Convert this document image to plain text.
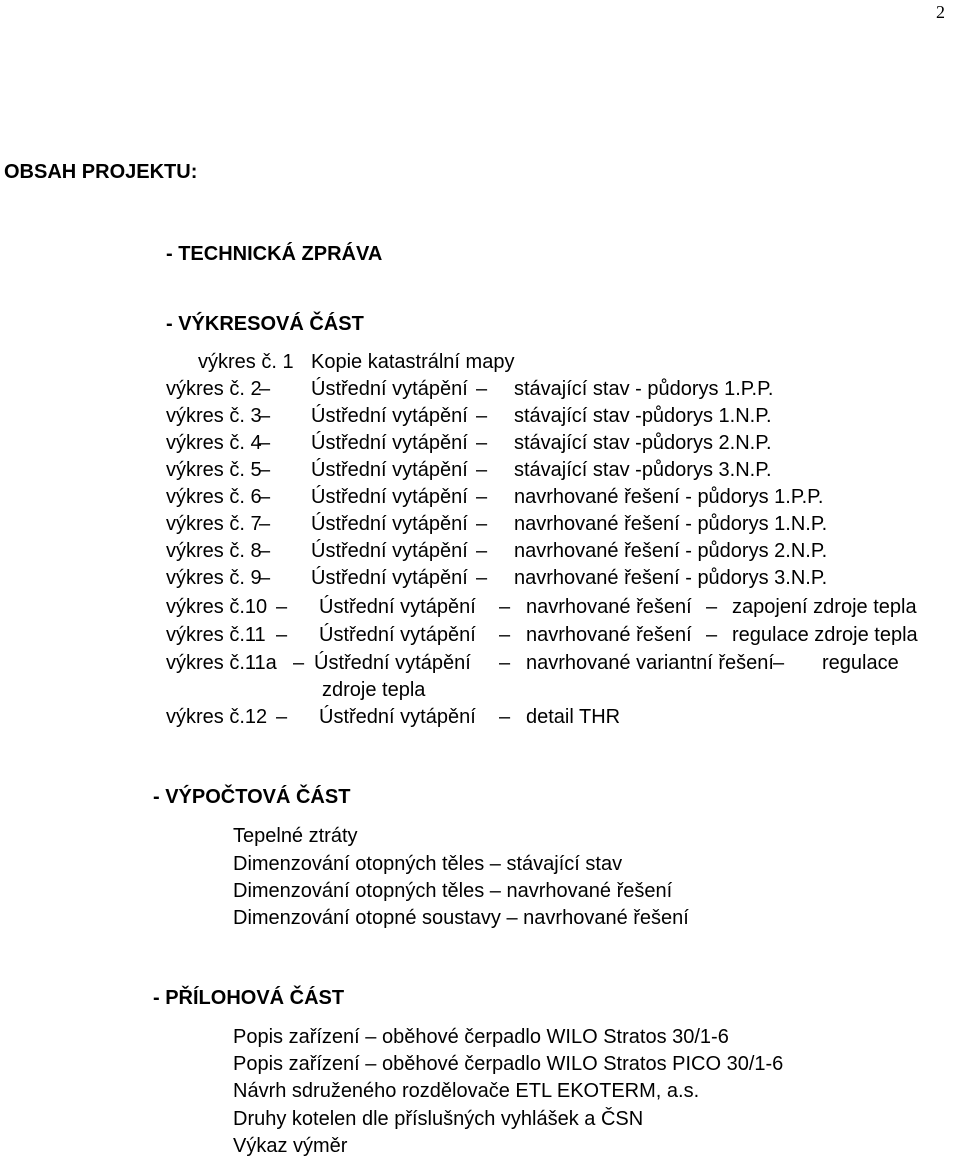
2
OBSAH PROJEKTU:
- TECHNICKÁ ZPRÁVA
- VÝKRESOVÁ ČÁST
výkres č. 1 Kopie katastrální mapy
výkres č. 2
– Ústřední vytápění – stávající stav - půdorys 1.P.P.
výkres č. 3
– Ústřední vytápění – stávající stav -půdorys 1.N.P.
výkres č. 4
– Ústřední vytápění – stávající stav -půdorys 2.N.P.
výkres č. 5
– Ústřední vytápění – stávající stav -půdorys 3.N.P.
výkres č. 6
– Ústřední vytápění – navrhované řešení - půdorys 1.P.P.
výkres č. 7
– Ústřední vytápění – navrhované řešení - půdorys 1.N.P.
výkres č. 8
– Ústřední vytápění – navrhované řešení - půdorys 2.N.P.
výkres č. 9
– Ústřední vytápění – navrhované řešení - půdorys 3.N.P.
výkres č.10 – Ústřední vytápění – navrhované řešení – zapojení zdroje tepla
výkres č.11 – Ústřední vytápění – navrhované řešení – regulace zdroje tepla
výkres č.11a – Ústřední vytápění – navrhované variantní řešení – regulace
zdroje tepla
výkres č.12 – Ústřední vytápění – detail THR
- VÝPOČTOVÁ ČÁST
Tepelné ztráty
Dimenzování otopných těles – stávající stav
Dimenzování otopných těles – navrhované řešení
Dimenzování otopné soustavy – navrhované řešení
- PŘÍLOHOVÁ ČÁST
Popis zařízení – oběhové čerpadlo WILO Stratos 30/1-6
Popis zařízení – oběhové čerpadlo WILO Stratos PICO 30/1-6
Návrh sdruženého rozdělovače ETL EKOTERM, a.s.
Druhy kotelen dle příslušných vyhlášek a ČSN
Výkaz výměr
